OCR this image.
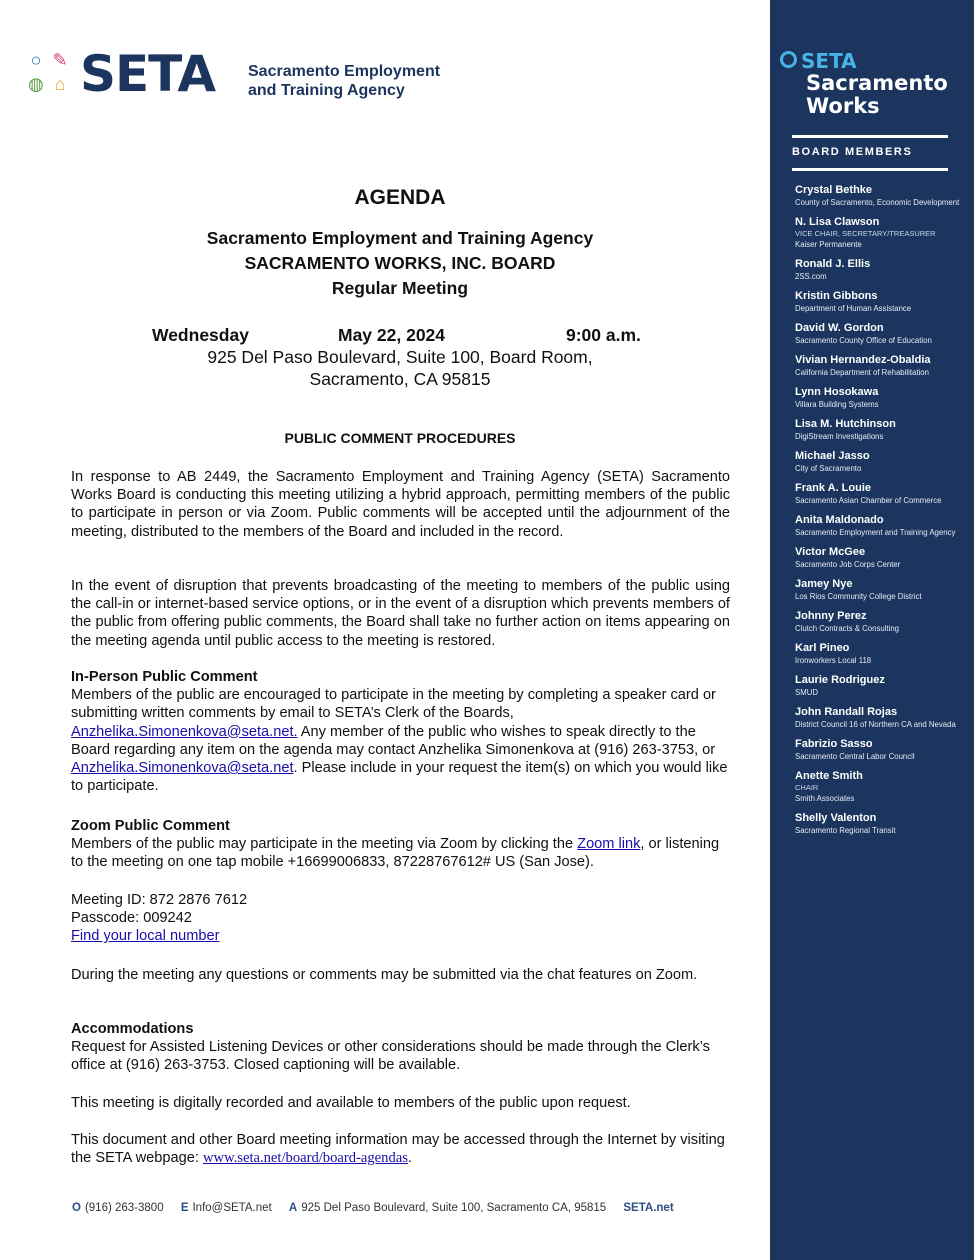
○ ✎
◍ ⌂ SETA Sacramento Employment
and Training Agency
AGENDA
Sacramento Employment and Training Agency
SACRAMENTO WORKS, INC. BOARD
Regular Meeting
Wednesday	May 22, 2024	9:00 a.m.
925 Del Paso Boulevard, Suite 100, Board Room,
Sacramento, CA 95815
PUBLIC COMMENT PROCEDURES
In response to AB 2449, the Sacramento Employment and Training Agency (SETA) Sacramento Works Board is conducting this meeting utilizing a hybrid approach, permitting members of the public to participate in person or via Zoom. Public comments will be accepted until the adjournment of the meeting, distributed to the members of the Board and included in the record.
In the event of disruption that prevents broadcasting of the meeting to members of the public using the call-in or internet-based service options, or in the event of a disruption which prevents members of the public from offering public comments, the Board shall take no further action on items appearing on the meeting agenda until public access to the meeting is restored.
In-Person Public Comment
Members of the public are encouraged to participate in the meeting by completing a speaker card or submitting written comments by email to SETA’s Clerk of the Boards, Anzhelika.Simonenkova@seta.net. Any member of the public who wishes to speak directly to the Board regarding any item on the agenda may contact Anzhelika Simonenkova at (916) 263-3753, or Anzhelika.Simonenkova@seta.net. Please include in your request the item(s) on which you would like to participate.
Zoom Public Comment
Members of the public may participate in the meeting via Zoom by clicking the Zoom link, or listening to the meeting on one tap mobile +16699006833, 87228767612# US (San Jose).
Meeting ID: 872 2876 7612
Passcode: 009242
Find your local number
During the meeting any questions or comments may be submitted via the chat features on Zoom.
Accommodations
Request for Assisted Listening Devices or other considerations should be made through the Clerk’s office at (916) 263-3753. Closed captioning will be available.
This meeting is digitally recorded and available to members of the public upon request.
This document and other Board meeting information may be accessed through the Internet by visiting the SETA webpage: www.seta.net/board/board-agendas.
O (916) 263-3800 E Info@SETA.net A 925 Del Paso Boulevard, Suite 100, Sacramento CA, 95815 SETA.net
SETA
Sacramento
Works
BOARD MEMBERS
Crystal Bethke
County of Sacramento, Economic Development
N. Lisa Clawson
VICE CHAIR, SECRETARY/TREASURER
Kaiser Permanente
Ronald J. Ellis
2SS.com
Kristin Gibbons
Department of Human Assistance
David W. Gordon
Sacramento County Office of Education
Vivian Hernandez-Obaldia
California Department of Rehabilitation
Lynn Hosokawa
Villara Building Systems
Lisa M. Hutchinson
DigiStream Investigations
Michael Jasso
City of Sacramento
Frank A. Louie
Sacramento Asian Chamber of Commerce
Anita Maldonado
Sacramento Employment and Training Agency
Victor McGee
Sacramento Job Corps Center
Jamey Nye
Los Rios Community College District
Johnny Perez
Clutch Contracts & Consulting
Karl Pineo
Ironworkers Local 118
Laurie Rodriguez
SMUD
John Randall Rojas
District Council 16 of Northern CA and Nevada
Fabrizio Sasso
Sacramento Central Labor Council
Anette Smith
CHAIR
Smith Associates
Shelly Valenton
Sacramento Regional Transit
